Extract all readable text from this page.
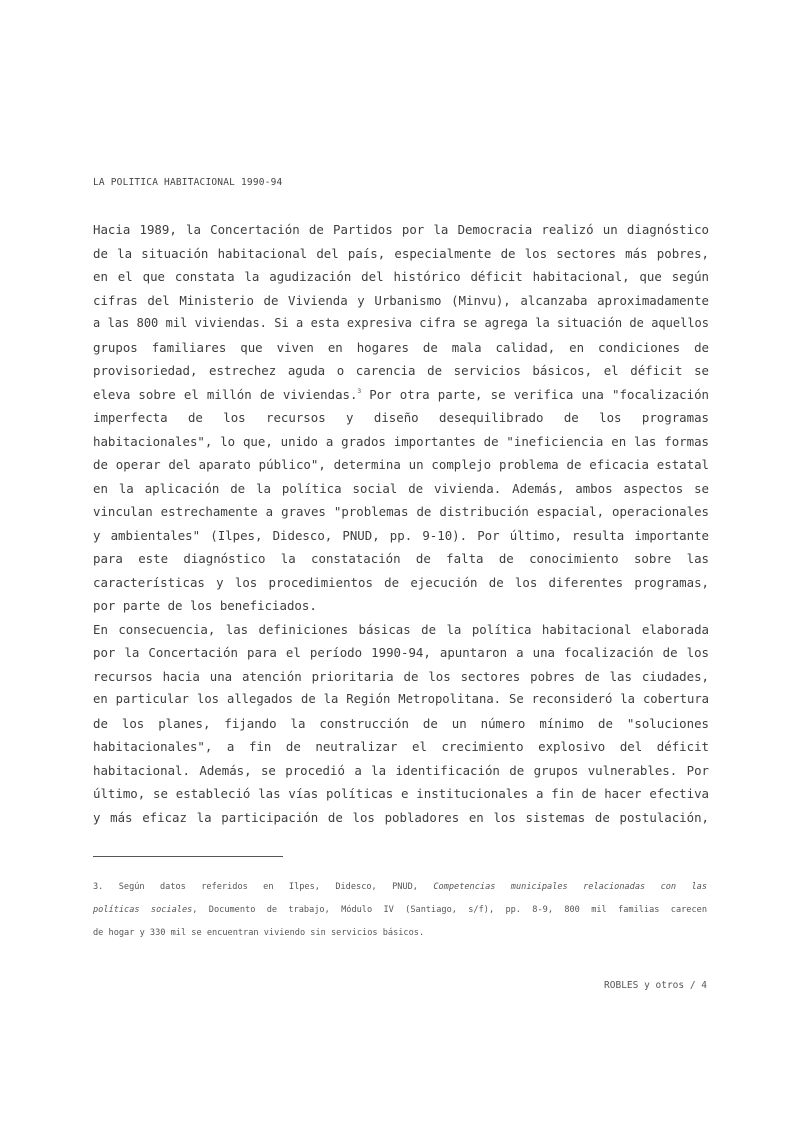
LA POLITICA HABITACIONAL 1990-94
Hacia 1989, la Concertación de Partidos por la Democracia realizó un diagnóstico
de la situación habitacional del país, especialmente de los sectores más pobres,
en el que constata la agudización del histórico déficit habitacional, que según
cifras del Ministerio de Vivienda y Urbanismo (Minvu), alcanzaba aproximadamente
a las 800 mil viviendas. Si a esta expresiva cifra se agrega la situación de aquellos
grupos familiares que viven en hogares de mala calidad, en condiciones de
provisoriedad, estrechez aguda o carencia de servicios básicos, el déficit se
eleva sobre el millón de viviendas.$^3$ Por otra parte, se verifica una "focalización
imperfecta de los recursos y diseño desequilibrado de los programas
habitacionales", lo que, unido a grados importantes de "ineficiencia en las formas
de operar del aparato público", determina un complejo problema de eficacia estatal
en la aplicación de la política social de vivienda. Además, ambos aspectos se
vinculan estrechamente a graves "problemas de distribución espacial, operacionales
y ambientales" (Ilpes, Didesco, PNUD, pp. 9-10). Por último, resulta importante
para este diagnóstico la constatación de falta de conocimiento sobre las
características y los procedimientos de ejecución de los diferentes programas,
por parte de los beneficiados.
En consecuencia, las definiciones básicas de la política habitacional elaborada
por la Concertación para el período 1990-94, apuntaron a una focalización de los
recursos hacia una atención prioritaria de los sectores pobres de las ciudades,
en particular los allegados de la Región Metropolitana. Se reconsideró la cobertura
de los planes, fijando la construcción de un número mínimo de "soluciones
habitacionales", a fin de neutralizar el crecimiento explosivo del déficit
habitacional. Además, se procedió a la identificación de grupos vulnerables. Por
último, se estableció las vías políticas e institucionales a fin de hacer efectiva
y más eficaz la participación de los pobladores en los sistemas de postulación,
3. Según datos referidos en Ilpes, Didesco, PNUD, Competencias municipales relacionadas con las
políticas sociales, Documento de trabajo, Módulo IV (Santiago, s/f), pp. 8-9, 800 mil familias carecen
de hogar y 330 mil se encuentran viviendo sin servicios básicos.
ROBLES y otros / 4
